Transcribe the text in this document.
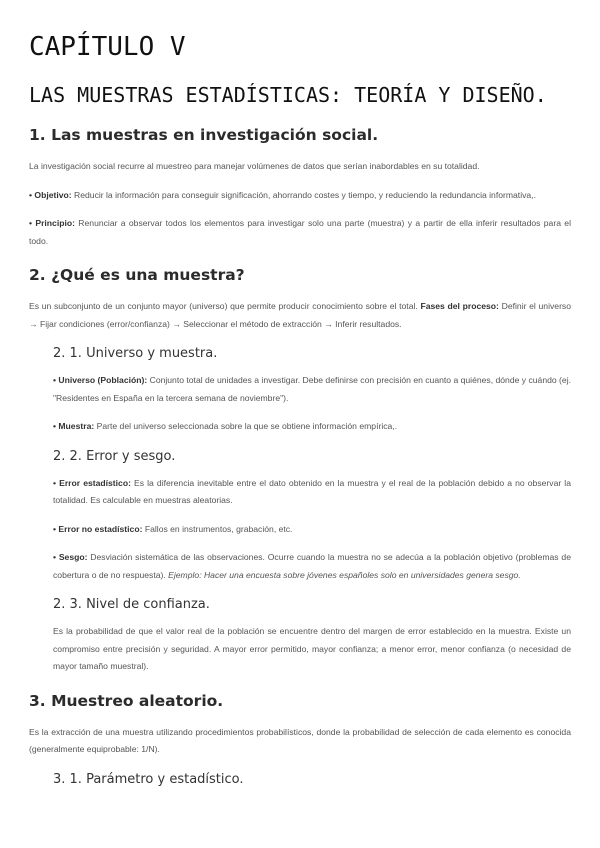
CAPÍTULO V
LAS MUESTRAS ESTADÍSTICAS: TEORÍA Y DISEÑO.
1. Las muestras en investigación social.

La investigación social recurre al muestreo para manejar volúmenes de datos que serían inabordables en su totalidad.

• Objetivo: Reducir la información para conseguir significación, ahorrando costes y tiempo, y reduciendo la redundancia informativa,.

• Principio: Renunciar a observar todos los elementos para investigar solo una parte (muestra) y a partir de ella inferir resultados para el todo.

2. ¿Qué es una muestra?

Es un subconjunto de un conjunto mayor (universo) que permite producir conocimiento sobre el total. Fases del proceso: Definir el universo → Fijar condiciones (error/confianza) → Seleccionar el método de extracción → Inferir resultados.

2. 1. Universo y muestra.

• Universo (Población): Conjunto total de unidades a investigar. Debe definirse con precisión en cuanto a quiénes, dónde y cuándo (ej. "Residentes en España en la tercera semana de noviembre").

• Muestra: Parte del universo seleccionada sobre la que se obtiene información empírica,.

2. 2. Error y sesgo.

• Error estadístico: Es la diferencia inevitable entre el dato obtenido en la muestra y el real de la población debido a no observar la totalidad. Es calculable en muestras aleatorias.

• Error no estadístico: Fallos en instrumentos, grabación, etc.

• Sesgo: Desviación sistemática de las observaciones. Ocurre cuando la muestra no se adecúa a la población objetivo (problemas de cobertura o de no respuesta). Ejemplo: Hacer una encuesta sobre jóvenes españoles solo en universidades genera sesgo.

2. 3. Nivel de confianza.

Es la probabilidad de que el valor real de la población se encuentre dentro del margen de error establecido en la muestra. Existe un compromiso entre precisión y seguridad. A mayor error permitido, mayor confianza; a menor error, menor confianza (o necesidad de mayor tamaño muestral).

3. Muestreo aleatorio.

Es la extracción de una muestra utilizando procedimientos probabilísticos, donde la probabilidad de selección de cada elemento es conocida (generalmente equiprobable: 1/N).

3. 1. Parámetro y estadístico.
